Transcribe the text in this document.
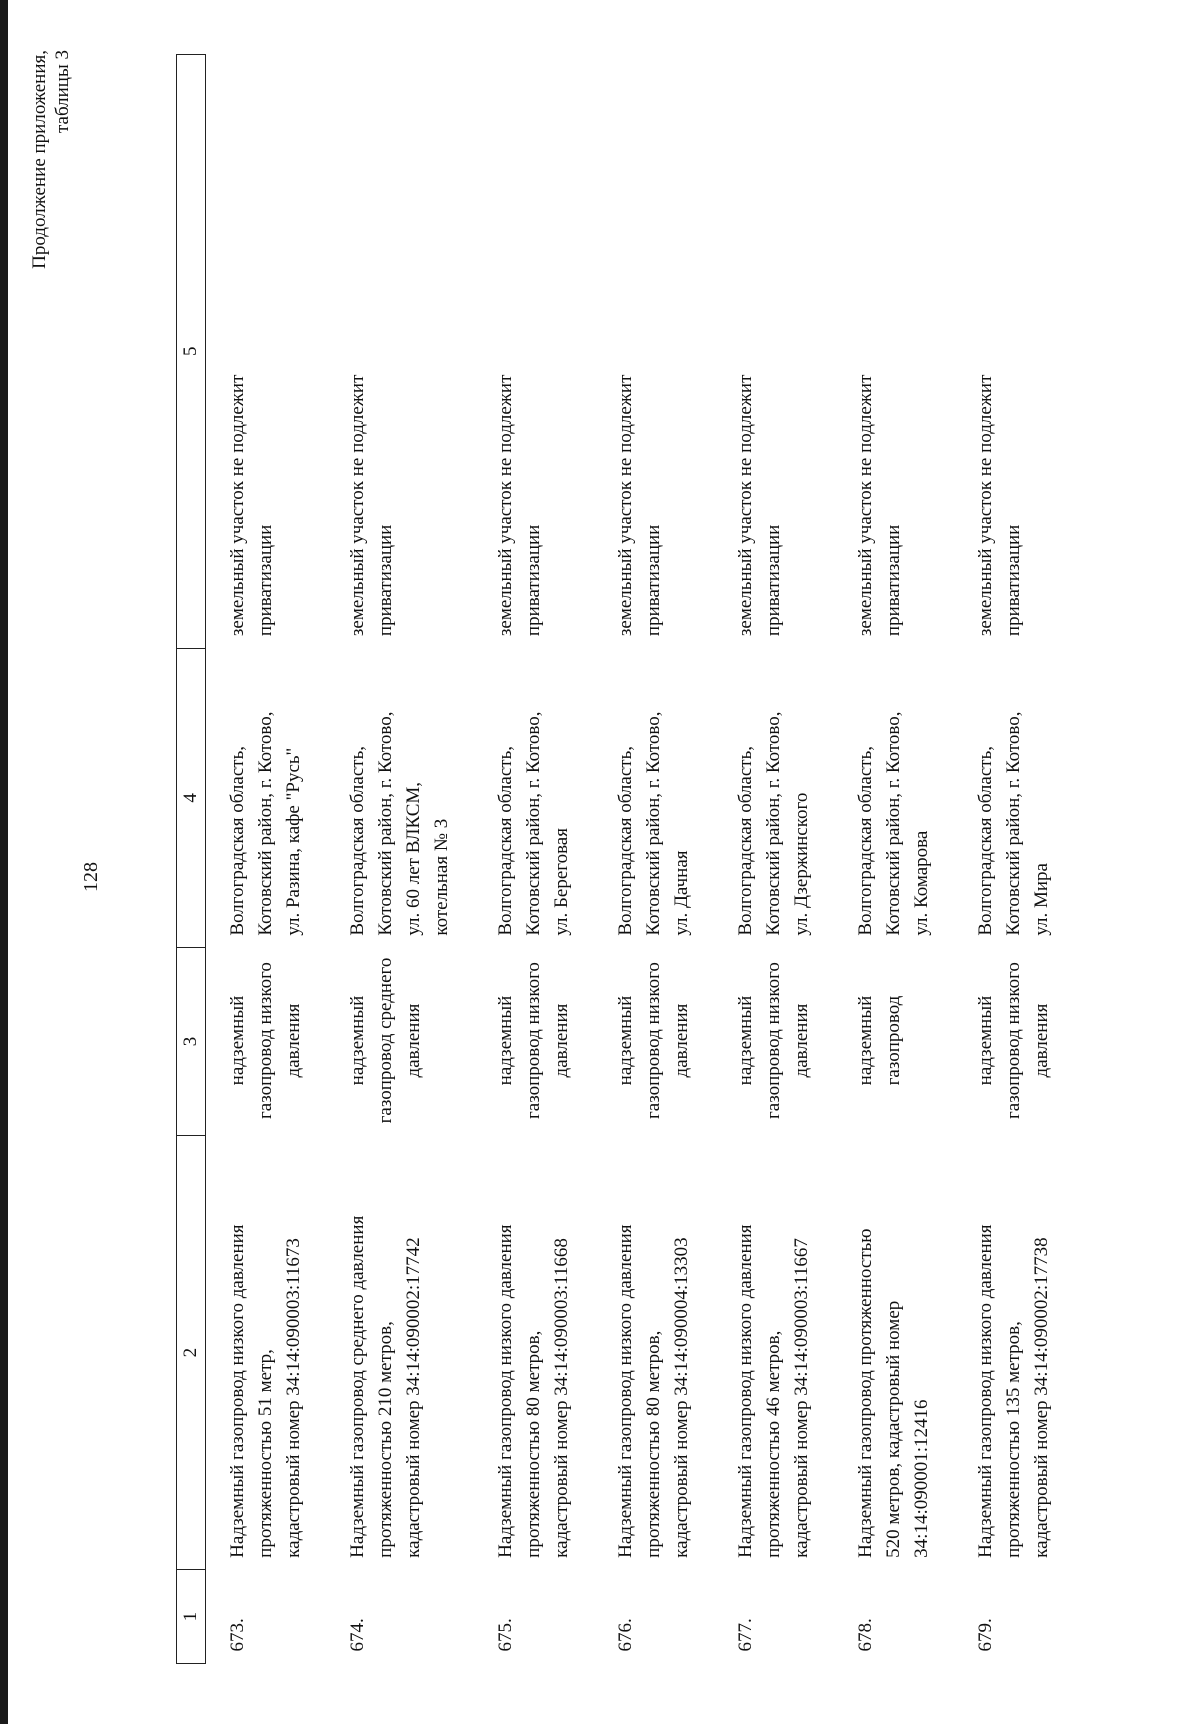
Продолжение приложения, таблицы 3
128
1	2	3	4	5
673.	Надземный газопровод низкого давления протяженностью 51 метр, кадастровый номер 34:14:090003:11673	надземный газопровод низкого давления	Волгоградская область, Котовский район, г. Котово, ул. Разина, кафе "Русь"	земельный участок не подлежит приватизации

674.	Надземный газопровод среднего давления протяженностью 210 метров, кадастровый номер 34:14:090002:17742	надземный газопровод среднего давления	Волгоградская область, Котовский район, г. Котово, ул. 60 лет ВЛКСМ, котельная № 3	земельный участок не подлежит приватизации

675.	Надземный газопровод низкого давления протяженностью 80 метров, кадастровый номер 34:14:090003:11668	надземный газопровод низкого давления	Волгоградская область, Котовский район, г. Котово, ул. Береговая	земельный участок не подлежит приватизации

676.	Надземный газопровод низкого давления протяженностью 80 метров, кадастровый номер 34:14:090004:13303	надземный газопровод низкого давления	Волгоградская область, Котовский район, г. Котово, ул. Дачная	земельный участок не подлежит приватизации

677.	Надземный газопровод низкого давления протяженностью 46 метров, кадастровый номер 34:14:090003:11667	надземный газопровод низкого давления	Волгоградская область, Котовский район, г. Котово, ул. Дзержинского	земельный участок не подлежит приватизации

678.	Надземный газопровод протяженностью 520 метров, кадастровый номер 34:14:090001:12416	надземный газопровод	Волгоградская область, Котовский район, г. Котово, ул. Комарова	земельный участок не подлежит приватизации

679.	Надземный газопровод низкого давления протяженностью 135 метров, кадастровый номер 34:14:090002:17738	надземный газопровод низкого давления	Волгоградская область, Котовский район, г. Котово, ул. Мира	земельный участок не подлежит приватизации
